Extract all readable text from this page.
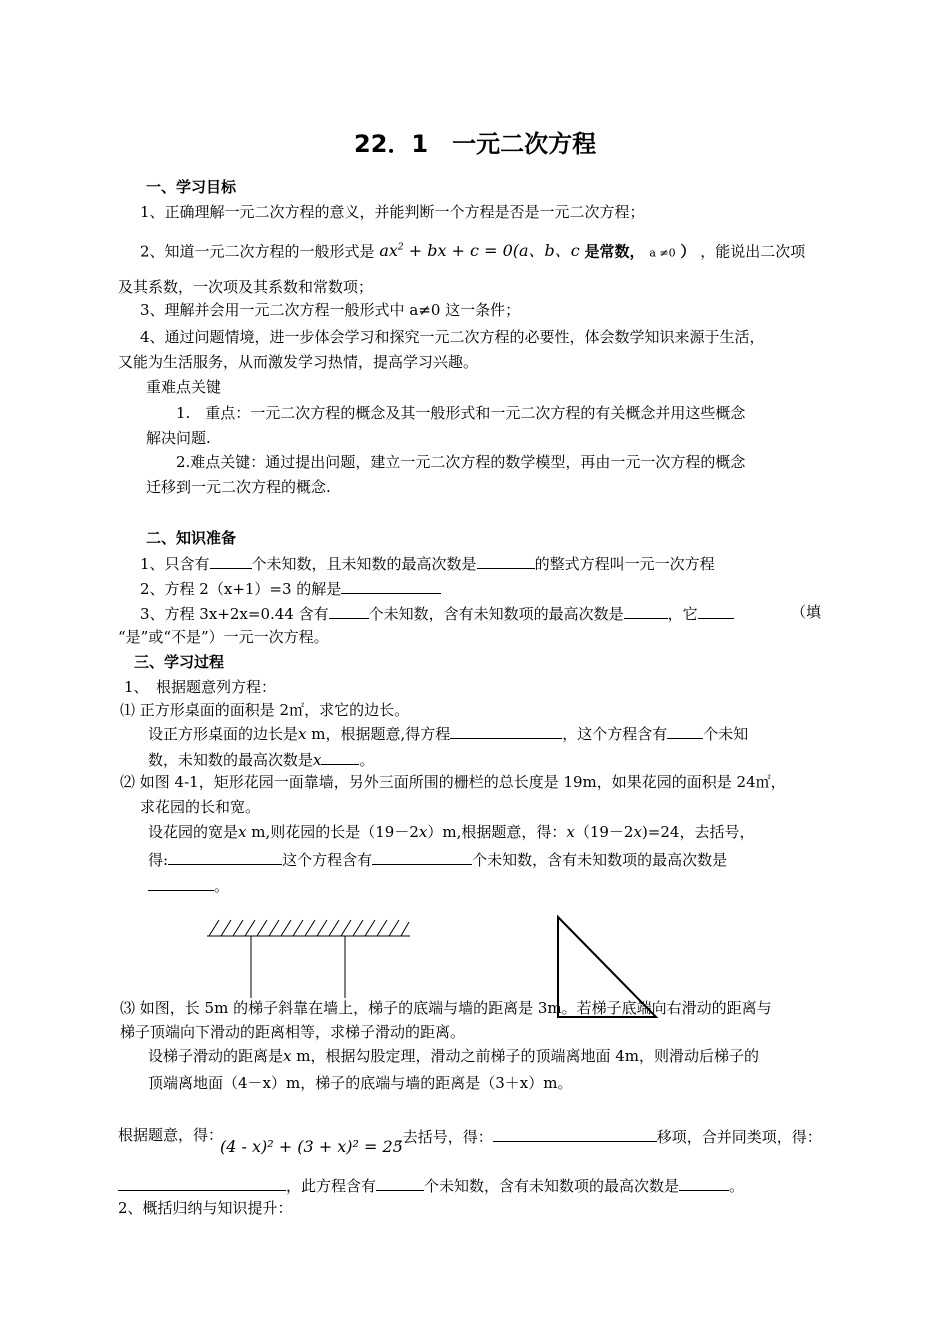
22．1　一元二次方程
一、学习目标
1、正确理解一元二次方程的意义，并能判断一个方程是否是一元二次方程；
2、知道一元二次方程的一般形式是 $ax^2$ + bx + c = 0(a、b、c 是常数， a ≠0 ） ，能说出二次项
及其系数，一次项及其系数和常数项；
3、理解并会用一元二次方程一般形式中 a≠0 这一条件；
4、通过问题情境，进一步体会学习和探究一元二次方程的必要性，体会数学知识来源于生活，
又能为生活服务，从而激发学习热情，提高学习兴趣。
重难点关键
1.　重点：一元二次方程的概念及其一般形式和一元二次方程的有关概念并用这些概念
解决问题.
2.难点关键：通过提出问题，建立一元二次方程的数学模型，再由一元一次方程的概念
迁移到一元二次方程的概念.
二、知识准备
1、只含有	个未知数，且未知数的最高次数是	的整式方程叫一元一次方程
2、方程 2（x+1）=3 的解是
3、方程 3x+2x=0.44 含有	个未知数，含有未知数项的最高次数是	，它	（填
“是”或“不是”）一元一次方程。
三、学习过程
1、　根据题意列方程：
⑴ 正方形桌面的面积是 2㎡，求它的边长。
设正方形桌面的边长是x m，根据题意,得方程	，这个方程含有 个未知
数，未知数的最高次数是x	。
⑵ 如图 4-1，矩形花园一面靠墙，另外三面所围的栅栏的总长度是 19m，如果花园的面积是 24㎡，
求花园的长和宽。
设花园的宽是x m,则花园的长是（19－2x）m,根据题意，得：x（19－2x)=24，去括号，
得:	这个方程含有	个未知数，含有未知数项的最高次数是
。
⑶ 如图，长 5m 的梯子斜靠在墙上，梯子的底端与墙的距离是 3m。若梯子底端向右滑动的距离与
梯子顶端向下滑动的距离相等，求梯子滑动的距离。
设梯子滑动的距离是x m，根据勾股定理，滑动之前梯子的顶端离地面 4m，则滑动后梯子的
顶端离地面（4－x）m，梯子的底端与墙的距离是（3＋x）m。
根据题意，得：
(4 - x)² + (3 + x)² = 25
,去括号，得：	移项，合并同类项，得：
，此方程含有	个未知数，含有未知数项的最高次数是	。
2、概括归纳与知识提升：
